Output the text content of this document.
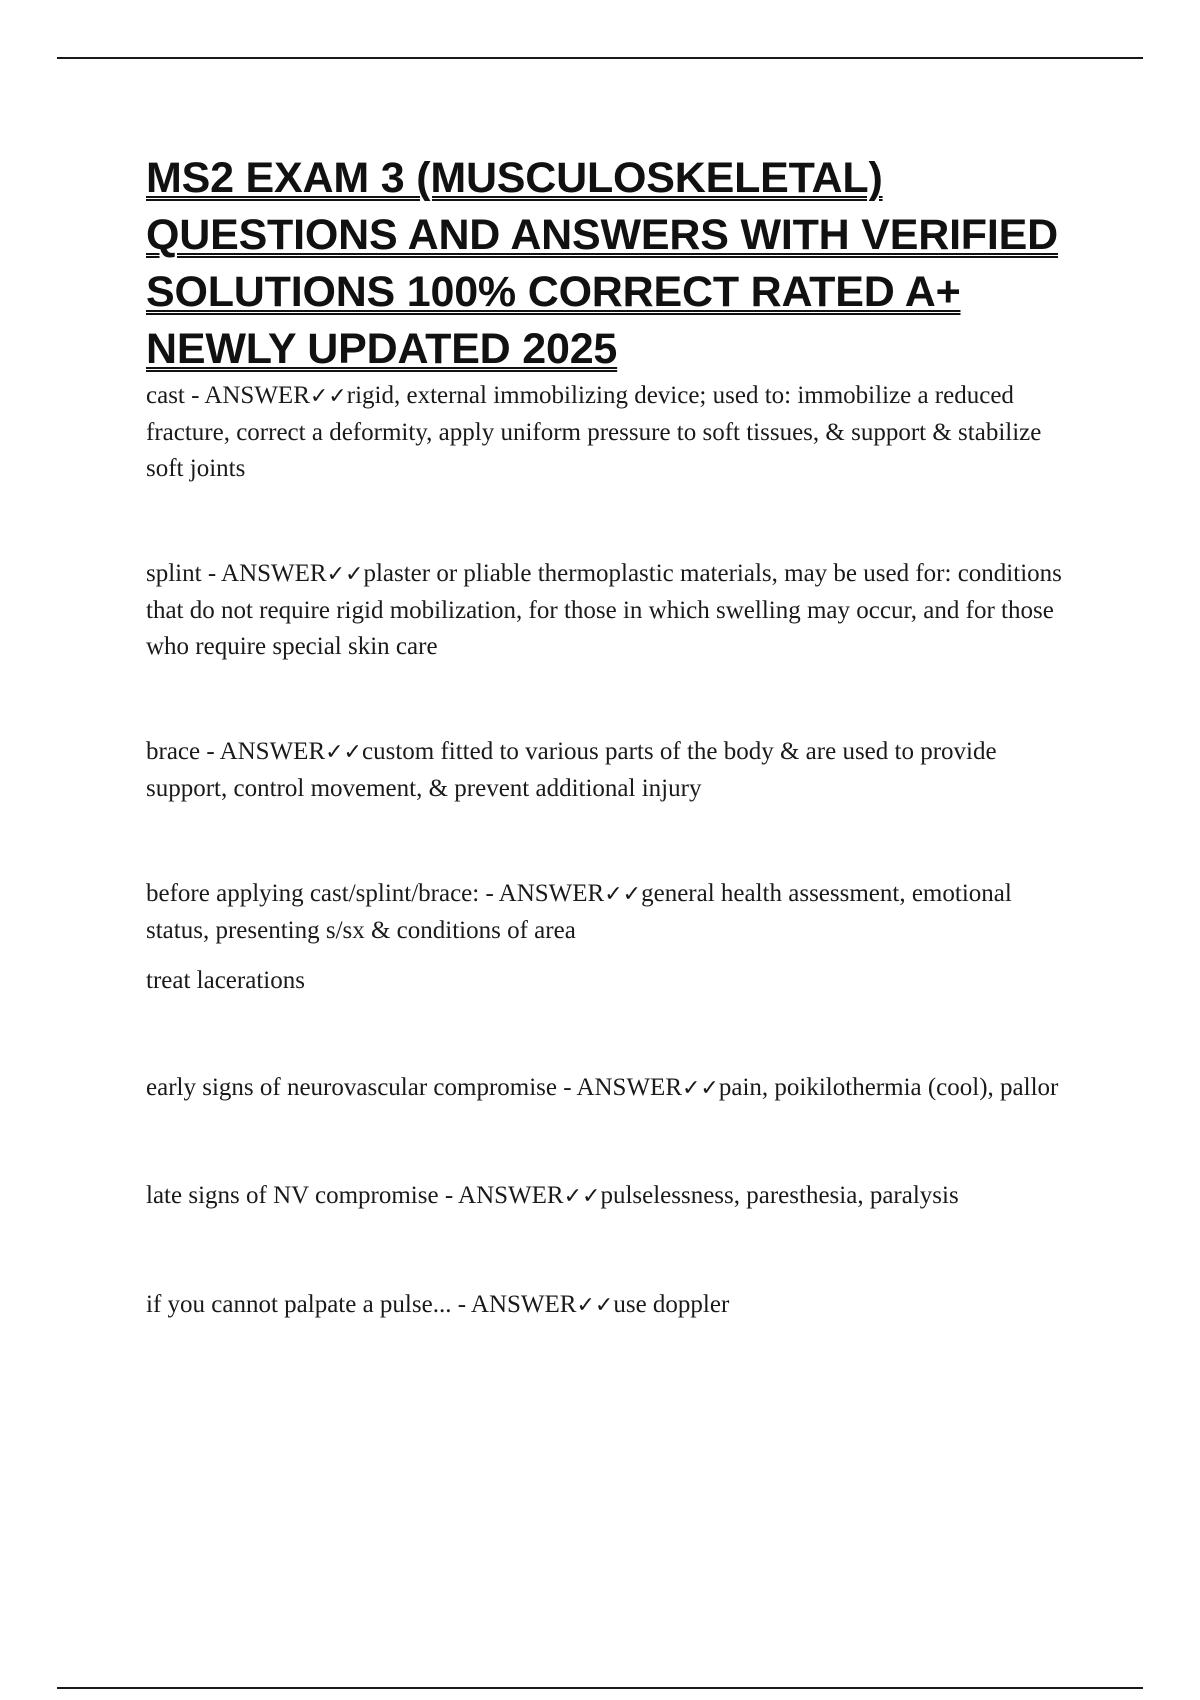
MS2 EXAM 3 (MUSCULOSKELETAL) QUESTIONS AND ANSWERS WITH VERIFIED SOLUTIONS 100% CORRECT RATED A+ NEWLY UPDATED 2025

cast - ANSWER✓✓rigid, external immobilizing device; used to: immobilize a reduced fracture, correct a deformity, apply uniform pressure to soft tissues, & support & stabilize soft joints

splint - ANSWER✓✓plaster or pliable thermoplastic materials, may be used for: conditions that do not require rigid mobilization, for those in which swelling may occur, and for those who require special skin care

brace - ANSWER✓✓custom fitted to various parts of the body & are used to provide support, control movement, & prevent additional injury

before applying cast/splint/brace: - ANSWER✓✓general health assessment, emotional status, presenting s/sx & conditions of area

treat lacerations

early signs of neurovascular compromise - ANSWER✓✓pain, poikilothermia (cool), pallor

late signs of NV compromise - ANSWER✓✓pulselessness, paresthesia, paralysis

if you cannot palpate a pulse... - ANSWER✓✓use doppler
